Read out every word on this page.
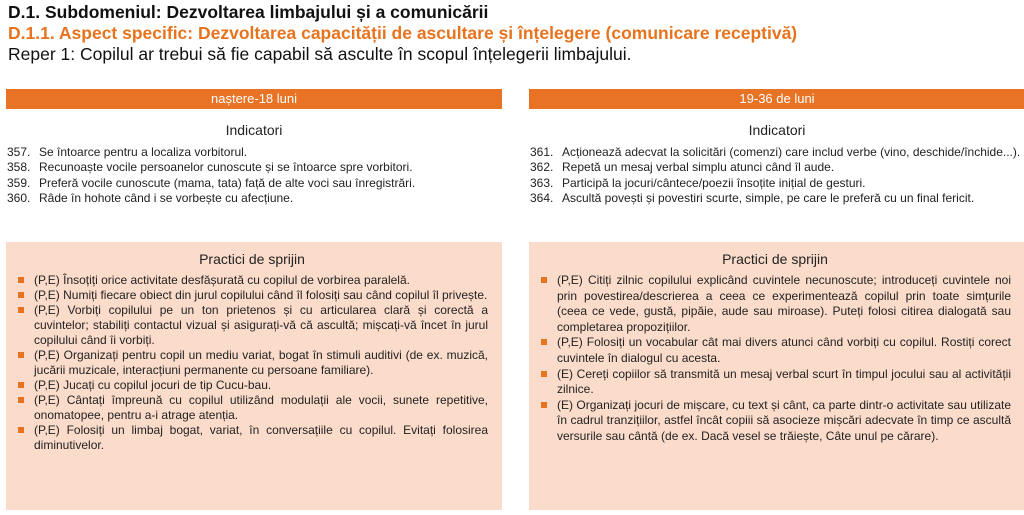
D.1. Subdomeniul: Dezvoltarea limbajului și a comunicării
D.1.1. Aspect specific: Dezvoltarea capacității de ascultare și înțelegere (comunicare receptivă)
Reper 1: Copilul ar trebui să fie capabil să asculte în scopul înțelegerii limbajului.
naștere-18 luni
Indicatori
357. Se întoarce pentru a localiza vorbitorul.
358. Recunoaște vocile persoanelor cunoscute și se întoarce spre vorbitori.
359. Preferă vocile cunoscute (mama, tata) față de alte voci sau înregistrări.
360. Râde în hohote când i se vorbește cu afecțiune.
19-36 de luni
Indicatori
361. Acționează adecvat la solicitări (comenzi) care includ verbe (vino, deschide/închide...).
362. Repetă un mesaj verbal simplu atunci când îl aude.
363. Participă la jocuri/cântece/poezii însoțite inițial de gesturi.
364. Ascultă povești și povestiri scurte, simple, pe care le preferă cu un final fericit.
Practici de sprijin
(P,E) Însoțiți orice activitate desfășurată cu copilul de vorbirea paralelă.
(P,E) Numiți fiecare obiect din jurul copilului când îl folosiți sau când copilul îl privește.
(P,E) Vorbiți copilului pe un ton prietenos și cu articularea clară și corectă a cuvintelor; stabiliți contactul vizual și asigurați-vă că ascultă; mișcați-vă încet în jurul copilului când îi vorbiți.
(P,E) Organizați pentru copil un mediu variat, bogat în stimuli auditivi (de ex. muzică, jucării muzicale, interacțiuni permanente cu persoane familiare).
(P,E) Jucați cu copilul jocuri de tip Cucu-bau.
(P,E) Cântați împreună cu copilul utilizând modulații ale vocii, sunete repetitive, onomatopee, pentru a-i atrage atenția.
(P,E) Folosiți un limbaj bogat, variat, în conversațiile cu copilul. Evitați folosirea diminutivelor.
Practici de sprijin
(P,E) Citiți zilnic copilului explicând cuvintele necunoscute; introduceți cuvintele noi prin povestirea/descrierea a ceea ce experimentează copilul prin toate simțurile (ceea ce vede, gustă, pipăie, aude sau miroase). Puteți folosi citirea dialogată sau completarea propozițiilor.
(P,E) Folosiți un vocabular cât mai divers atunci când vorbiți cu copilul. Rostiți corect cuvintele în dialogul cu acesta.
(E) Cereți copiilor să transmită un mesaj verbal scurt în timpul jocului sau al activității zilnice.
(E) Organizați jocuri de mișcare, cu text și cânt, ca parte dintr-o activitate sau utilizate în cadrul tranzițiilor, astfel încât copiii să asocieze mișcări adecvate în timp ce ascultă versurile sau cântă (de ex. Dacă vesel se trăiește, Câte unul pe cărare).
